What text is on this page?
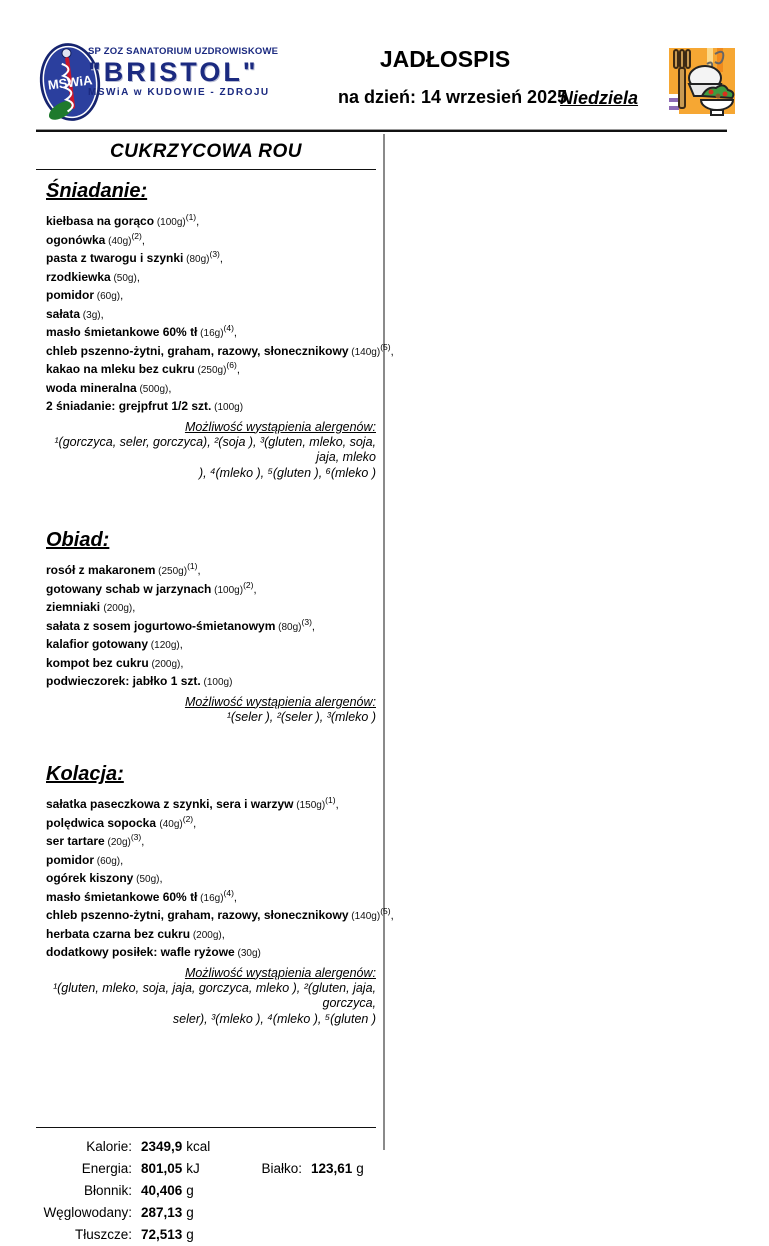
MSWiA
SP ZOZ SANATORIUM UZDROWISKOWE
"BRISTOL"
MSWiA w KUDOWIE - ZDROJU
JADŁOSPIS
na dzień: 14 wrzesień 2025
Niedziela
CUKRZYCOWA ROU
Śniadanie:
kiełbasa na gorąco $(100g)^{(1)}$,
ogonówka $(40g)^{(2)}$,
pasta z twarogu i szynki $(80g)^{(3)}$,
rzodkiewka (50g),
pomidor (60g),
sałata (3g),
masło śmietankowe 60% tł $(16g)^{(4)}$,
chleb pszenno-żytni, graham, razowy, słonecznikowy $(140g)^{(5)}$,
kakao na mleku bez cukru $(250g)^{(6)}$,
woda mineralna (500g),
2 śniadanie: grejpfrut 1/2 szt. (100g)
Możliwość wystąpienia alergenów:
¹(gorczyca, seler, gorczyca), ²(soja ), ³(gluten, mleko, soja, jaja, mleko
), ⁴(mleko ), ⁵(gluten ), ⁶(mleko )
Obiad:
rosół z makaronem $(250g)^{(1)}$,
gotowany schab w jarzynach $(100g)^{(2)}$,
ziemniaki (200g),
sałata z sosem jogurtowo-śmietanowym $(80g)^{(3)}$,
kalafior gotowany (120g),
kompot bez cukru (200g),
podwieczorek: jabłko 1 szt. (100g)
Możliwość wystąpienia alergenów:
¹(seler ), ²(seler ), ³(mleko )
Kolacja:
sałatka paseczkowa z szynki, sera i warzyw $(150g)^{(1)}$,
polędwica sopocka $(40g)^{(2)}$,
ser tartare $(20g)^{(3)}$,
pomidor (60g),
ogórek kiszony (50g),
masło śmietankowe 60% tł $(16g)^{(4)}$,
chleb pszenno-żytni, graham, razowy, słonecznikowy $(140g)^{(5)}$,
herbata czarna bez cukru (200g),
dodatkowy posiłek: wafle ryżowe (30g)
Możliwość wystąpienia alergenów:
¹(gluten, mleko, soja, jaja, gorczyca, mleko ), ²(gluten, jaja, gorczyca,
seler), ³(mleko ), ⁴(mleko ), ⁵(gluten )
Kalorie: 2349,9 kcal
Energia: 801,05 kJ	Białko: 123,61 g
Błonnik: 40,406 g
Węglowodany: 287,13 g
Tłuszcze: 72,513 g
